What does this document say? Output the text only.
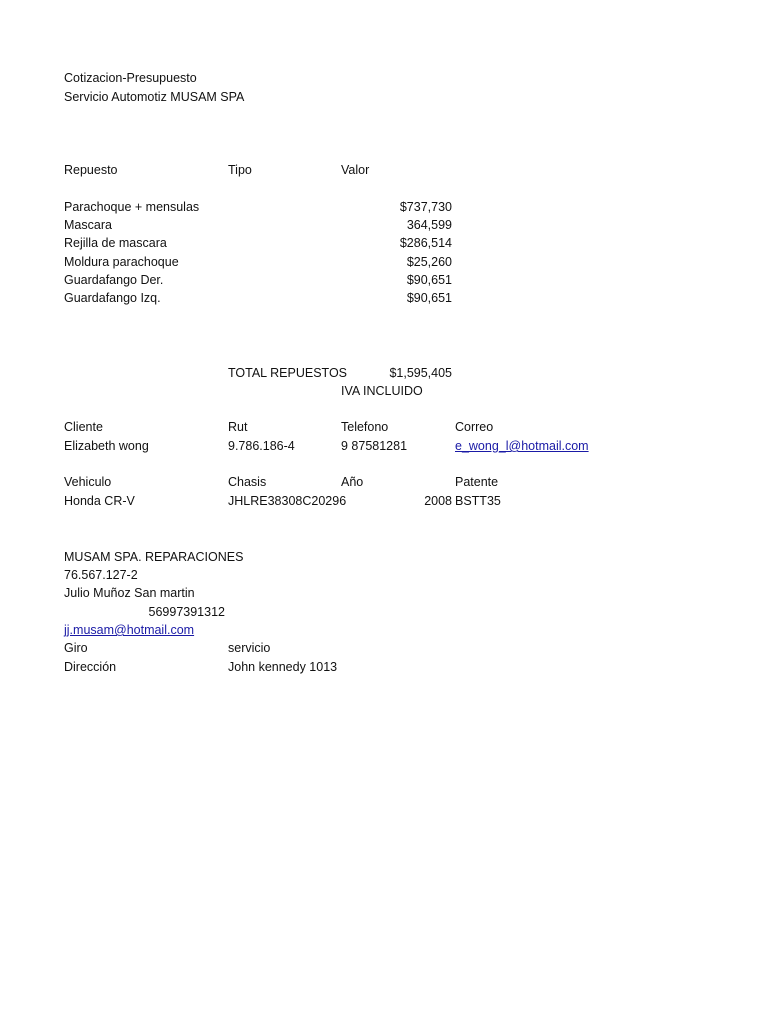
Cotizacion-Presupuesto
Servicio Automotiz MUSAM SPA
Repuesto	Tipo	Valor
Parachoque + mensulas	$737,730
Mascara	364,599
Rejilla de mascara	$286,514
Moldura parachoque	$25,260
Guardafango Der.	$90,651
Guardafango Izq.	$90,651
TOTAL REPUESTOS	$1,595,405
IVA INCLUIDO
Cliente	Rut	Telefono	Correo
Elizabeth wong	9.786.186-4	9 87581281	e_wong_l@hotmail.com
Vehiculo	Chasis	Año	Patente
Honda CR-V	JHLRE38308C20296	2008 BSTT35
MUSAM SPA. REPARACIONES
76.567.127-2
Julio Muñoz San martin
56997391312
jj.musam@hotmail.com
Giro	servicio
Dirección	John kennedy 1013
